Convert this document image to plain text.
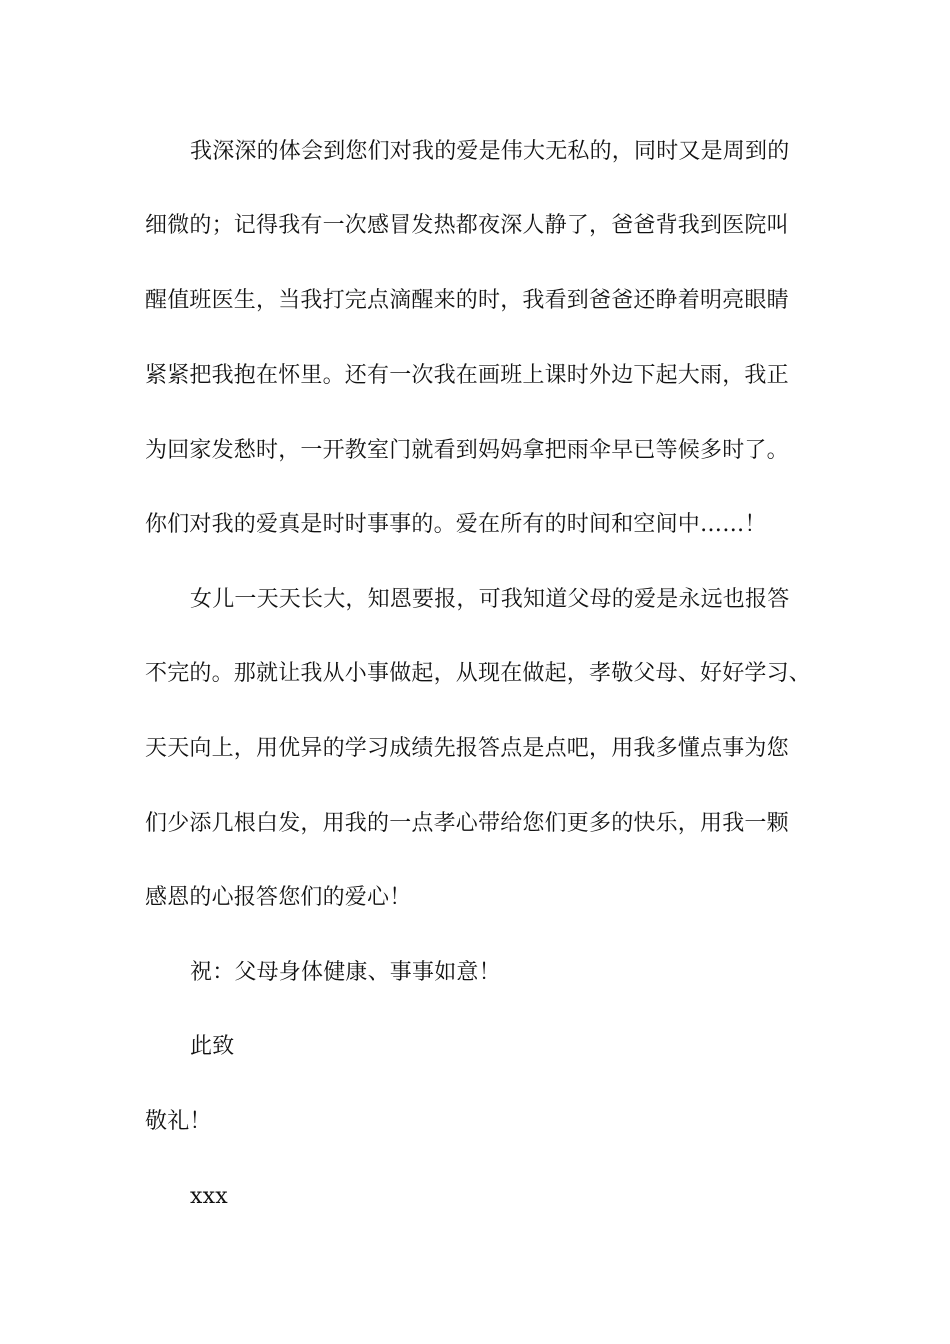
我深深的体会到您们对我的爱是伟大无私的，同时又是周到的
细微的；记得我有一次感冒发热都夜深人静了，爸爸背我到医院叫
醒值班医生，当我打完点滴醒来的时，我看到爸爸还睁着明亮眼睛
紧紧把我抱在怀里。还有一次我在画班上课时外边下起大雨，我正
为回家发愁时，一开教室门就看到妈妈拿把雨伞早已等候多时了。
你们对我的爱真是时时事事的。爱在所有的时间和空间中……！
女儿一天天长大，知恩要报，可我知道父母的爱是永远也报答
不完的。那就让我从小事做起，从现在做起，孝敬父母、好好学习、
天天向上，用优异的学习成绩先报答点是点吧，用我多懂点事为您
们少添几根白发，用我的一点孝心带给您们更多的快乐，用我一颗
感恩的心报答您们的爱心！
祝：父母身体健康、事事如意！
此致
敬礼！
xxx
